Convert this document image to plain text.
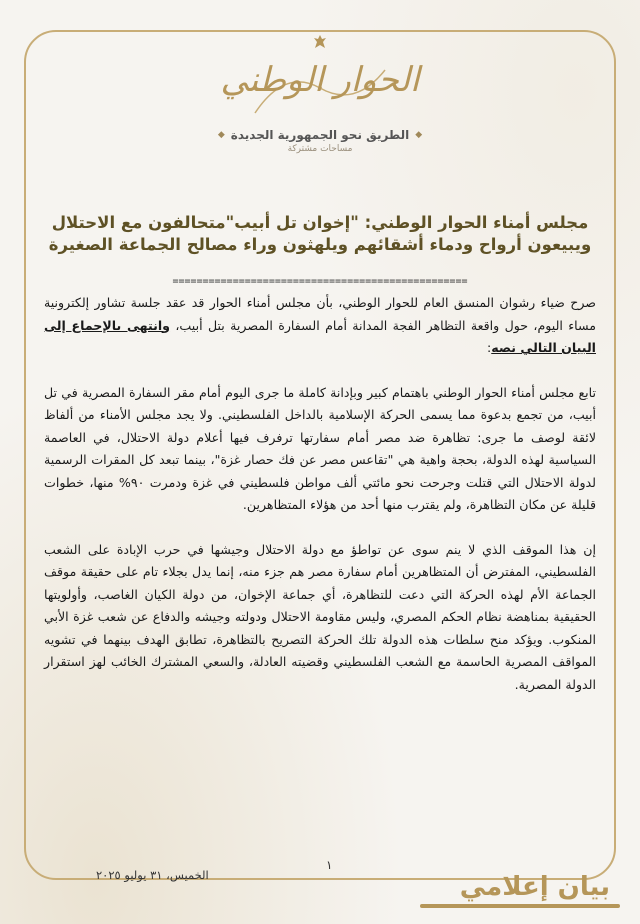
الحوار الوطني
◆
الطريق نحو الجمهورية الجديدة
◆
مساحات مشتركة
مجلس أمناء الحوار الوطني: "إخوان تل أبيب"متحالفون مع الاحتلال ويبيعون أرواح ودماء أشقائهم ويلهثون وراء مصالح الجماعة الصغيرة
=================================================

صرح ضياء رشوان المنسق العام للحوار الوطني، بأن مجلس أمناء الحوار قد عقد جلسة تشاور إلكترونية مساء اليوم، حول واقعة التظاهر الفجة المدانة أمام السفارة المصرية بتل أبيب، وانتهى بالإجماع إلى البيان التالي نصه:

تابع مجلس أمناء الحوار الوطني باهتمام كبير وبإدانة كاملة ما جرى اليوم أمام مقر السفارة المصرية في تل أبيب، من تجمع بدعوة مما يسمى الحركة الإسلامية بالداخل الفلسطيني. ولا يجد مجلس الأمناء من ألفاظ لائقة لوصف ما جرى: تظاهرة ضد مصر أمام سفارتها ترفرف فيها أعلام دولة الاحتلال، في العاصمة السياسية لهذه الدولة، بحجة واهية هي "تقاعس مصر عن فك حصار غزة"، بينما تبعد كل المقرات الرسمية لدولة الاحتلال التي قتلت وجرحت نحو مائتي ألف مواطن فلسطيني في غزة ودمرت ٩٠% منها، خطوات قليلة عن مكان التظاهرة، ولم يقترب منها أحد من هؤلاء المتظاهرين.

إن هذا الموقف الذي لا ينم سوى عن تواطؤ مع دولة الاحتلال وجيشها في حرب الإبادة على الشعب الفلسطيني، المفترض أن المتظاهرين أمام سفارة مصر هم جزء منه، إنما يدل بجلاء تام على حقيقة موقف الجماعة الأم لهذه الحركة التي دعت للتظاهرة، أي جماعة الإخوان، من دولة الكيان الغاصب، وأولويتها الحقيقية بمناهضة نظام الحكم المصري، وليس مقاومة الاحتلال ودولته وجيشه والدفاع عن شعب غزة الأبي المنكوب. ويؤكد منح سلطات هذه الدولة تلك الحركة التصريح بالتظاهرة، تطابق الهدف بينهما في تشويه المواقف المصرية الحاسمة مع الشعب الفلسطيني وقضيته العادلة، والسعي المشترك الخائب لهز استقرار الدولة المصرية.

١
الخميس، ٣١ يوليو ٢٠٢٥	بيان إعلامي
